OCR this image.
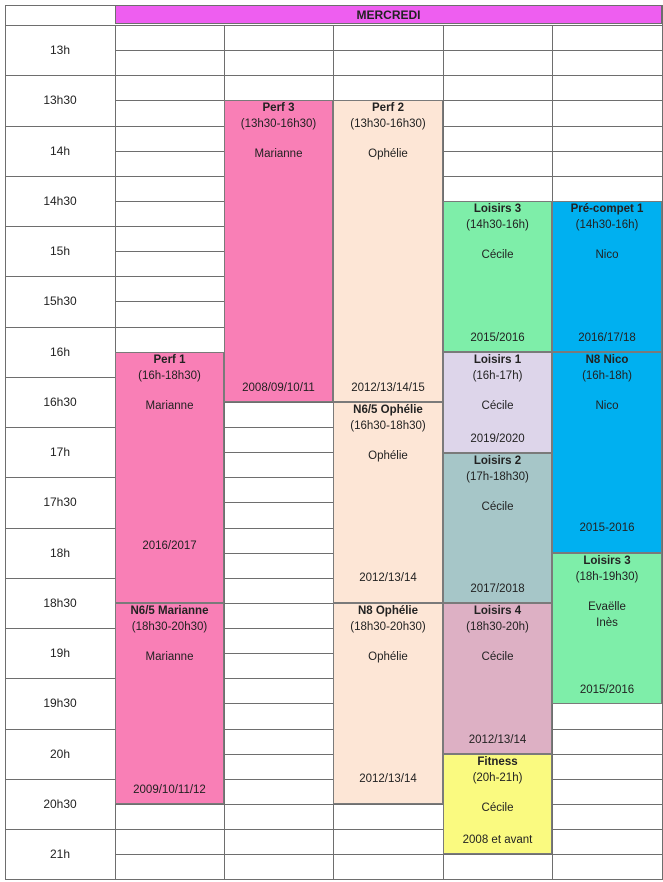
MERCREDI
13h
13h30
14h
14h30
15h
15h30
16h
16h30
17h
17h30
18h
18h30
19h
19h30
20h
20h30
21h
Perf 3
(13h30-16h30)
Marianne
2008/09/10/11
Perf 2
(13h30-16h30)
Ophélie
2012/13/14/15
Loisirs 3
(14h30-16h)
Cécile
2015/2016
Pré-compet 1
(14h30-16h)
Nico
2016/17/18
Perf 1
(16h-18h30)
Marianne
2016/2017
N6/5 Ophélie
(16h30-18h30)
Ophélie
2012/13/14
Loisirs 1
(16h-17h)
Cécile
2019/2020
N8 Nico
(16h-18h)
Nico
2015-2016
Loisirs 2
(17h-18h30)
Cécile
2017/2018
Loisirs 3
(18h-19h30)
Evaëlle
Inès
2015/2016
N6/5 Marianne
(18h30-20h30)
Marianne
2009/10/11/12
N8 Ophélie
(18h30-20h30)
Ophélie
2012/13/14
Loisirs 4
(18h30-20h)
Cécile
2012/13/14
Fitness
(20h-21h)
Cécile
2008 et avant
